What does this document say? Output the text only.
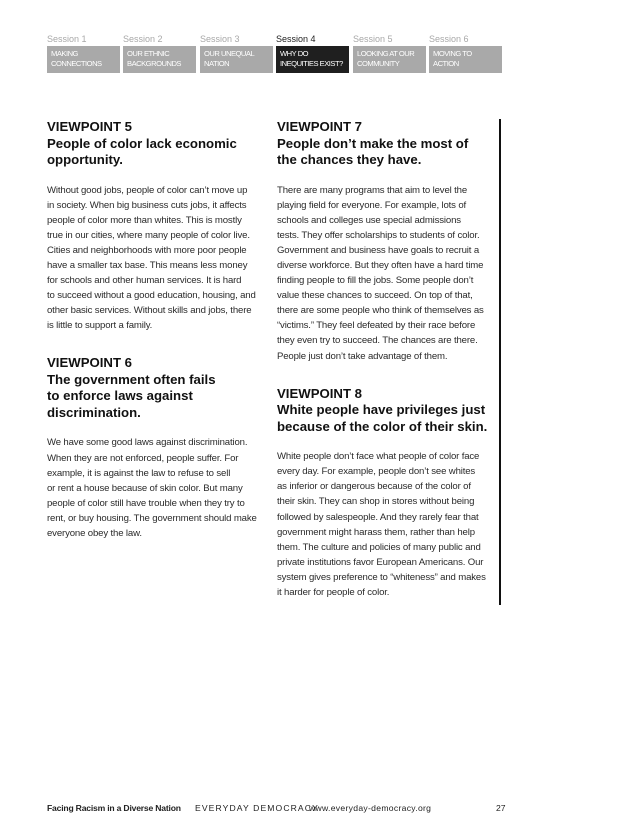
Session 1
MAKING
CONNECTIONS
Session 2
OUR ETHNIC
BACKGROUNDS
Session 3
OUR UNEQUAL
NATION
Session 4
WHY DO
INEQUITIES EXIST?
Session 5
LOOKING AT OUR
COMMUNITY
Session 6
MOVING TO
ACTION
VIEWPOINT 5
People of color lack economic
opportunity.
Without good jobs, people of color can’t move up
in society. When big business cuts jobs, it affects
people of color more than whites. This is mostly
true in our cities, where many people of color live.
Cities and neighborhoods with more poor people
have a smaller tax base. This means less money
for schools and other human services. It is hard
to succeed without a good education, housing, and
other basic services. Without skills and jobs, there
is little to support a family.
VIEWPOINT 6
The government often fails
to enforce laws against
discrimination.
We have some good laws against discrimination.
When they are not enforced, people suffer. For
example, it is against the law to refuse to sell
or rent a house because of skin color. But many
people of color still have trouble when they try to
rent, or buy housing. The government should make
everyone obey the law.
VIEWPOINT 7
People don’t make the most of
the chances they have.
There are many programs that aim to level the
playing field for everyone. For example, lots of
schools and colleges use special admissions
tests. They offer scholarships to students of color.
Government and business have goals to recruit a
diverse workforce. But they often have a hard time
finding people to fill the jobs. Some people don’t
value these chances to succeed. On top of that,
there are some people who think of themselves as
“victims.” They feel defeated by their race before
they even try to succeed. The chances are there.
People just don’t take advantage of them.
VIEWPOINT 8
White people have privileges just
because of the color of their skin.
White people don’t face what people of color face
every day. For example, people don’t see whites
as inferior or dangerous because of the color of
their skin. They can shop in stores without being
followed by salespeople. And they rarely fear that
government might harass them, rather than help
them. The culture and policies of many public and
private institutions favor European Americans. Our
system gives preference to “whiteness” and makes
it harder for people of color.
Facing Racism in a Diverse Nation EVERYDAY DEMOCRACY
www.everyday-democracy.org	27
